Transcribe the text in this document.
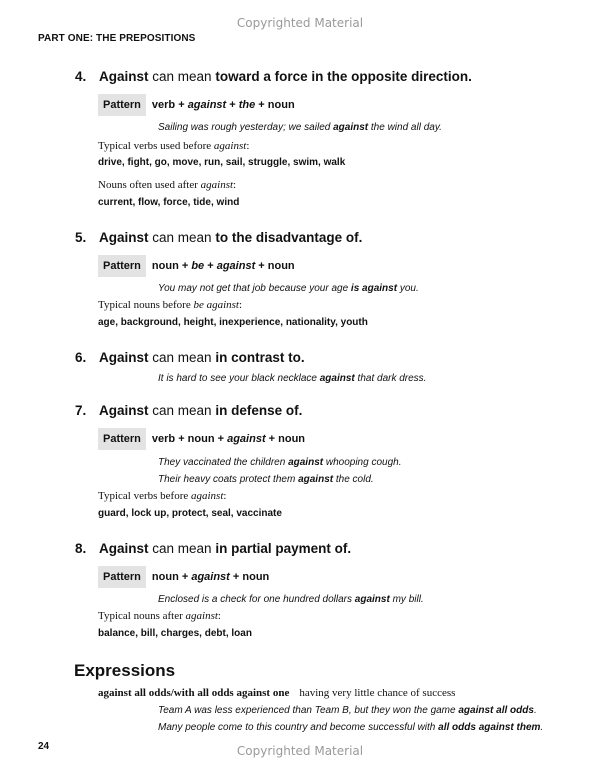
Copyrighted Material
PART ONE: THE PREPOSITIONS
4. Against can mean toward a force in the opposite direction.
Pattern verb + against + the + noun
Sailing was rough yesterday; we sailed against the wind all day.
Typical verbs used before against:
drive, fight, go, move, run, sail, struggle, swim, walk
Nouns often used after against:
current, flow, force, tide, wind
5. Against can mean to the disadvantage of.
Pattern noun + be + against + noun
You may not get that job because your age is against you.
Typical nouns before be against:
age, background, height, inexperience, nationality, youth
6. Against can mean in contrast to.
It is hard to see your black necklace against that dark dress.
7. Against can mean in defense of.
Pattern verb + noun + against + noun
They vaccinated the children against whooping cough.
Their heavy coats protect them against the cold.
Typical verbs before against:
guard, lock up, protect, seal, vaccinate
8. Against can mean in partial payment of.
Pattern noun + against + noun
Enclosed is a check for one hundred dollars against my bill.
Typical nouns after against:
balance, bill, charges, debt, loan
Expressions
against all odds/with all odds against one having very little chance of success
Team A was less experienced than Team B, but they won the game against all odds.
Many people come to this country and become successful with all odds against them.
24	Copyrighted Material
